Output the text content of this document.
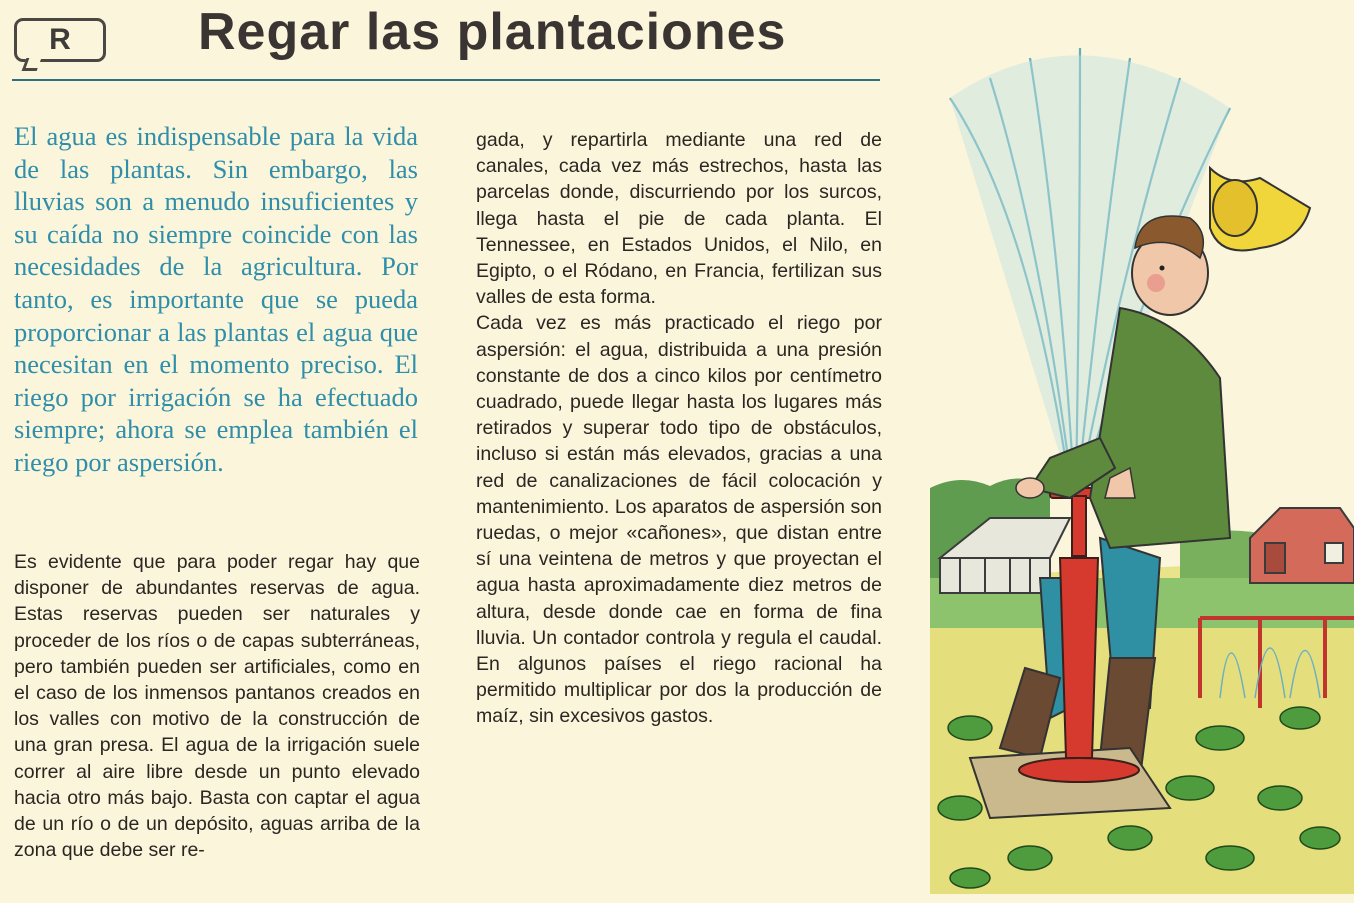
R Regar las plantaciones

El agua es indispensable para la vida de las plantas. Sin embargo, las lluvias son a menudo insuficientes y su caída no siempre coincide con las necesidades de la agricultura. Por tanto, es importante que se pueda proporcionar a las plantas el agua que necesitan en el momento preciso. El riego por irrigación se ha efectuado siempre; ahora se emplea también el riego por aspersión.

Es evidente que para poder regar hay que disponer de abundantes reservas de agua. Estas reservas pueden ser naturales y proceder de los ríos o de capas subterráneas, pero también pueden ser artificiales, como en el caso de los inmensos pantanos creados en los valles con motivo de la construcción de una gran presa. El agua de la irrigación suele correr al aire libre desde un punto elevado hacia otro más bajo. Basta con captar el agua de un río o de un depósito, aguas arriba de la zona que debe ser re-

gada, y repartirla mediante una red de canales, cada vez más estrechos, hasta las parcelas donde, discurriendo por los surcos, llega hasta el pie de cada planta. El Tennessee, en Estados Unidos, el Nilo, en Egipto, o el Ródano, en Francia, fertilizan sus valles de esta forma.

Cada vez es más practicado el riego por aspersión: el agua, distribuida a una presión constante de dos a cinco kilos por centímetro cuadrado, puede llegar hasta los lugares más retirados y superar todo tipo de obstáculos, incluso si están más elevados, gracias a una red de canalizaciones de fácil colocación y mantenimiento. Los aparatos de aspersión son ruedas, o mejor «cañones», que distan entre sí una veintena de metros y que proyectan el agua hasta aproximadamente diez metros de altura, desde donde cae en forma de fina lluvia. Un contador controla y regula el caudal. En algunos países el riego racional ha permitido multiplicar por dos la producción de maíz, sin excesivos gastos.
